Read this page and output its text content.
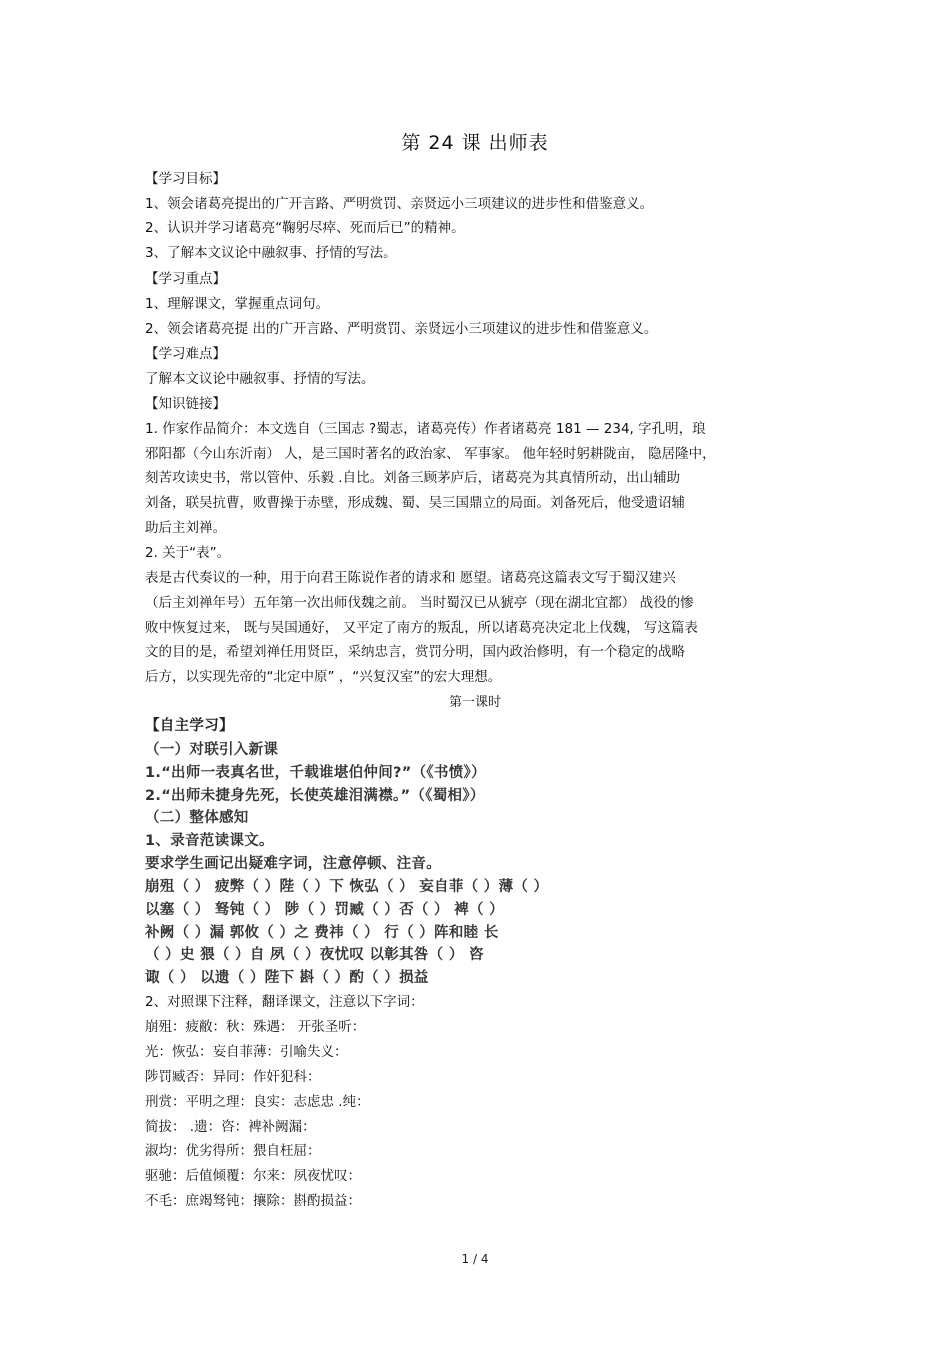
第 24 课 出师表
【学习目标】
1、领会诸葛亮提出的广开言路、严明赏罚、亲贤远小三项建议的进步性和借鉴意义。
2、认识并学习诸葛亮“鞠躬尽瘁、死而后已”的精神。
3、了解本文议论中融叙事、抒情的写法。
【学习重点】
1、理解课文，掌握重点词句。
2、领会诸葛亮提 出的广开言路、严明赏罚、亲贤远小三项建议的进步性和借鉴意义。
【学习难点】
了解本文议论中融叙事、抒情的写法。
【知识链接】
1. 作家作品简介：本文选自（三国志 ?蜀志，诸葛亮传）作者诸葛亮 181 — 234, 字孔明，琅
邪阳都（今山东沂南） 人，是三国时著名的政治家、 军事家。 他年轻时躬耕陇亩， 隐居隆中，
刻苦攻读史书，常以管仲、乐毅 .自比。刘备三顾茅庐后，诸葛亮为其真情所动，出山辅助
刘备，联吴抗曹，败曹操于赤壁，形成魏、蜀、吴三国鼎立的局面。刘备死后，他受遗诏辅
助后主刘禅。
2. 关于“表”。
表是古代奏议的一种，用于向君王陈说作者的请求和 愿望。诸葛亮这篇表文写于蜀汉建兴
（后主刘禅年号）五年第一次出师伐魏之前。 当时蜀汉已从猇亭（现在湖北宜都） 战役的惨
败中恢复过来， 既与吴国通好， 又平定了南方的叛乱，所以诸葛亮决定北上伐魏， 写这篇表
文的目的是，希望刘禅任用贤臣，采纳忠言，赏罚分明，国内政治修明，有一个稳定的战略
后方，以实现先帝的“北定中原” ，“兴复汉室”的宏大理想。
第一课时
【自主学习】
（一）对联引入新课
1.“出师一表真名世，千载谁堪伯仲间?”（《书愤》）
2.“出师未捷身先死，长使英雄泪满襟。”（《蜀相》）
（二）整体感知
1、录音范读课文。
要求学生画记出疑难字词，注意停顿、注音。
崩殂（ ） 疲弊（ ）陛（ ）下 恢弘（ ） 妄自菲（ ）薄（ ）
以塞（ ） 驽钝（ ） 陟（ ）罚臧（ ）否（ ） 裨（ ）
补阙（ ）漏 郭攸（ ）之 费祎（ ） 行（ ）阵和睦 长
（ ）史 猥（ ）自 夙（ ）夜忧叹 以彰其咎（ ） 咨
诹（ ） 以遗（ ）陛下 斟（ ）酌（ ）损益
2、对照课下注释，翻译课文，注意以下字词：
崩殂：疲敝：秋：殊遇： 开张圣听：
光：恢弘：妄自菲薄：引喻失义：
陟罚臧否：异同：作奸犯科：
刑赏：平明之理：良实：志虑忠 .纯：
简拔： .遗：咨：裨补阙漏：
淑均：优劣得所：猥自枉屈：
驱驰：后值倾覆：尔来：夙夜忧叹：
不毛：庶竭驽钝：攘除：斟酌损益：
1 / 4
